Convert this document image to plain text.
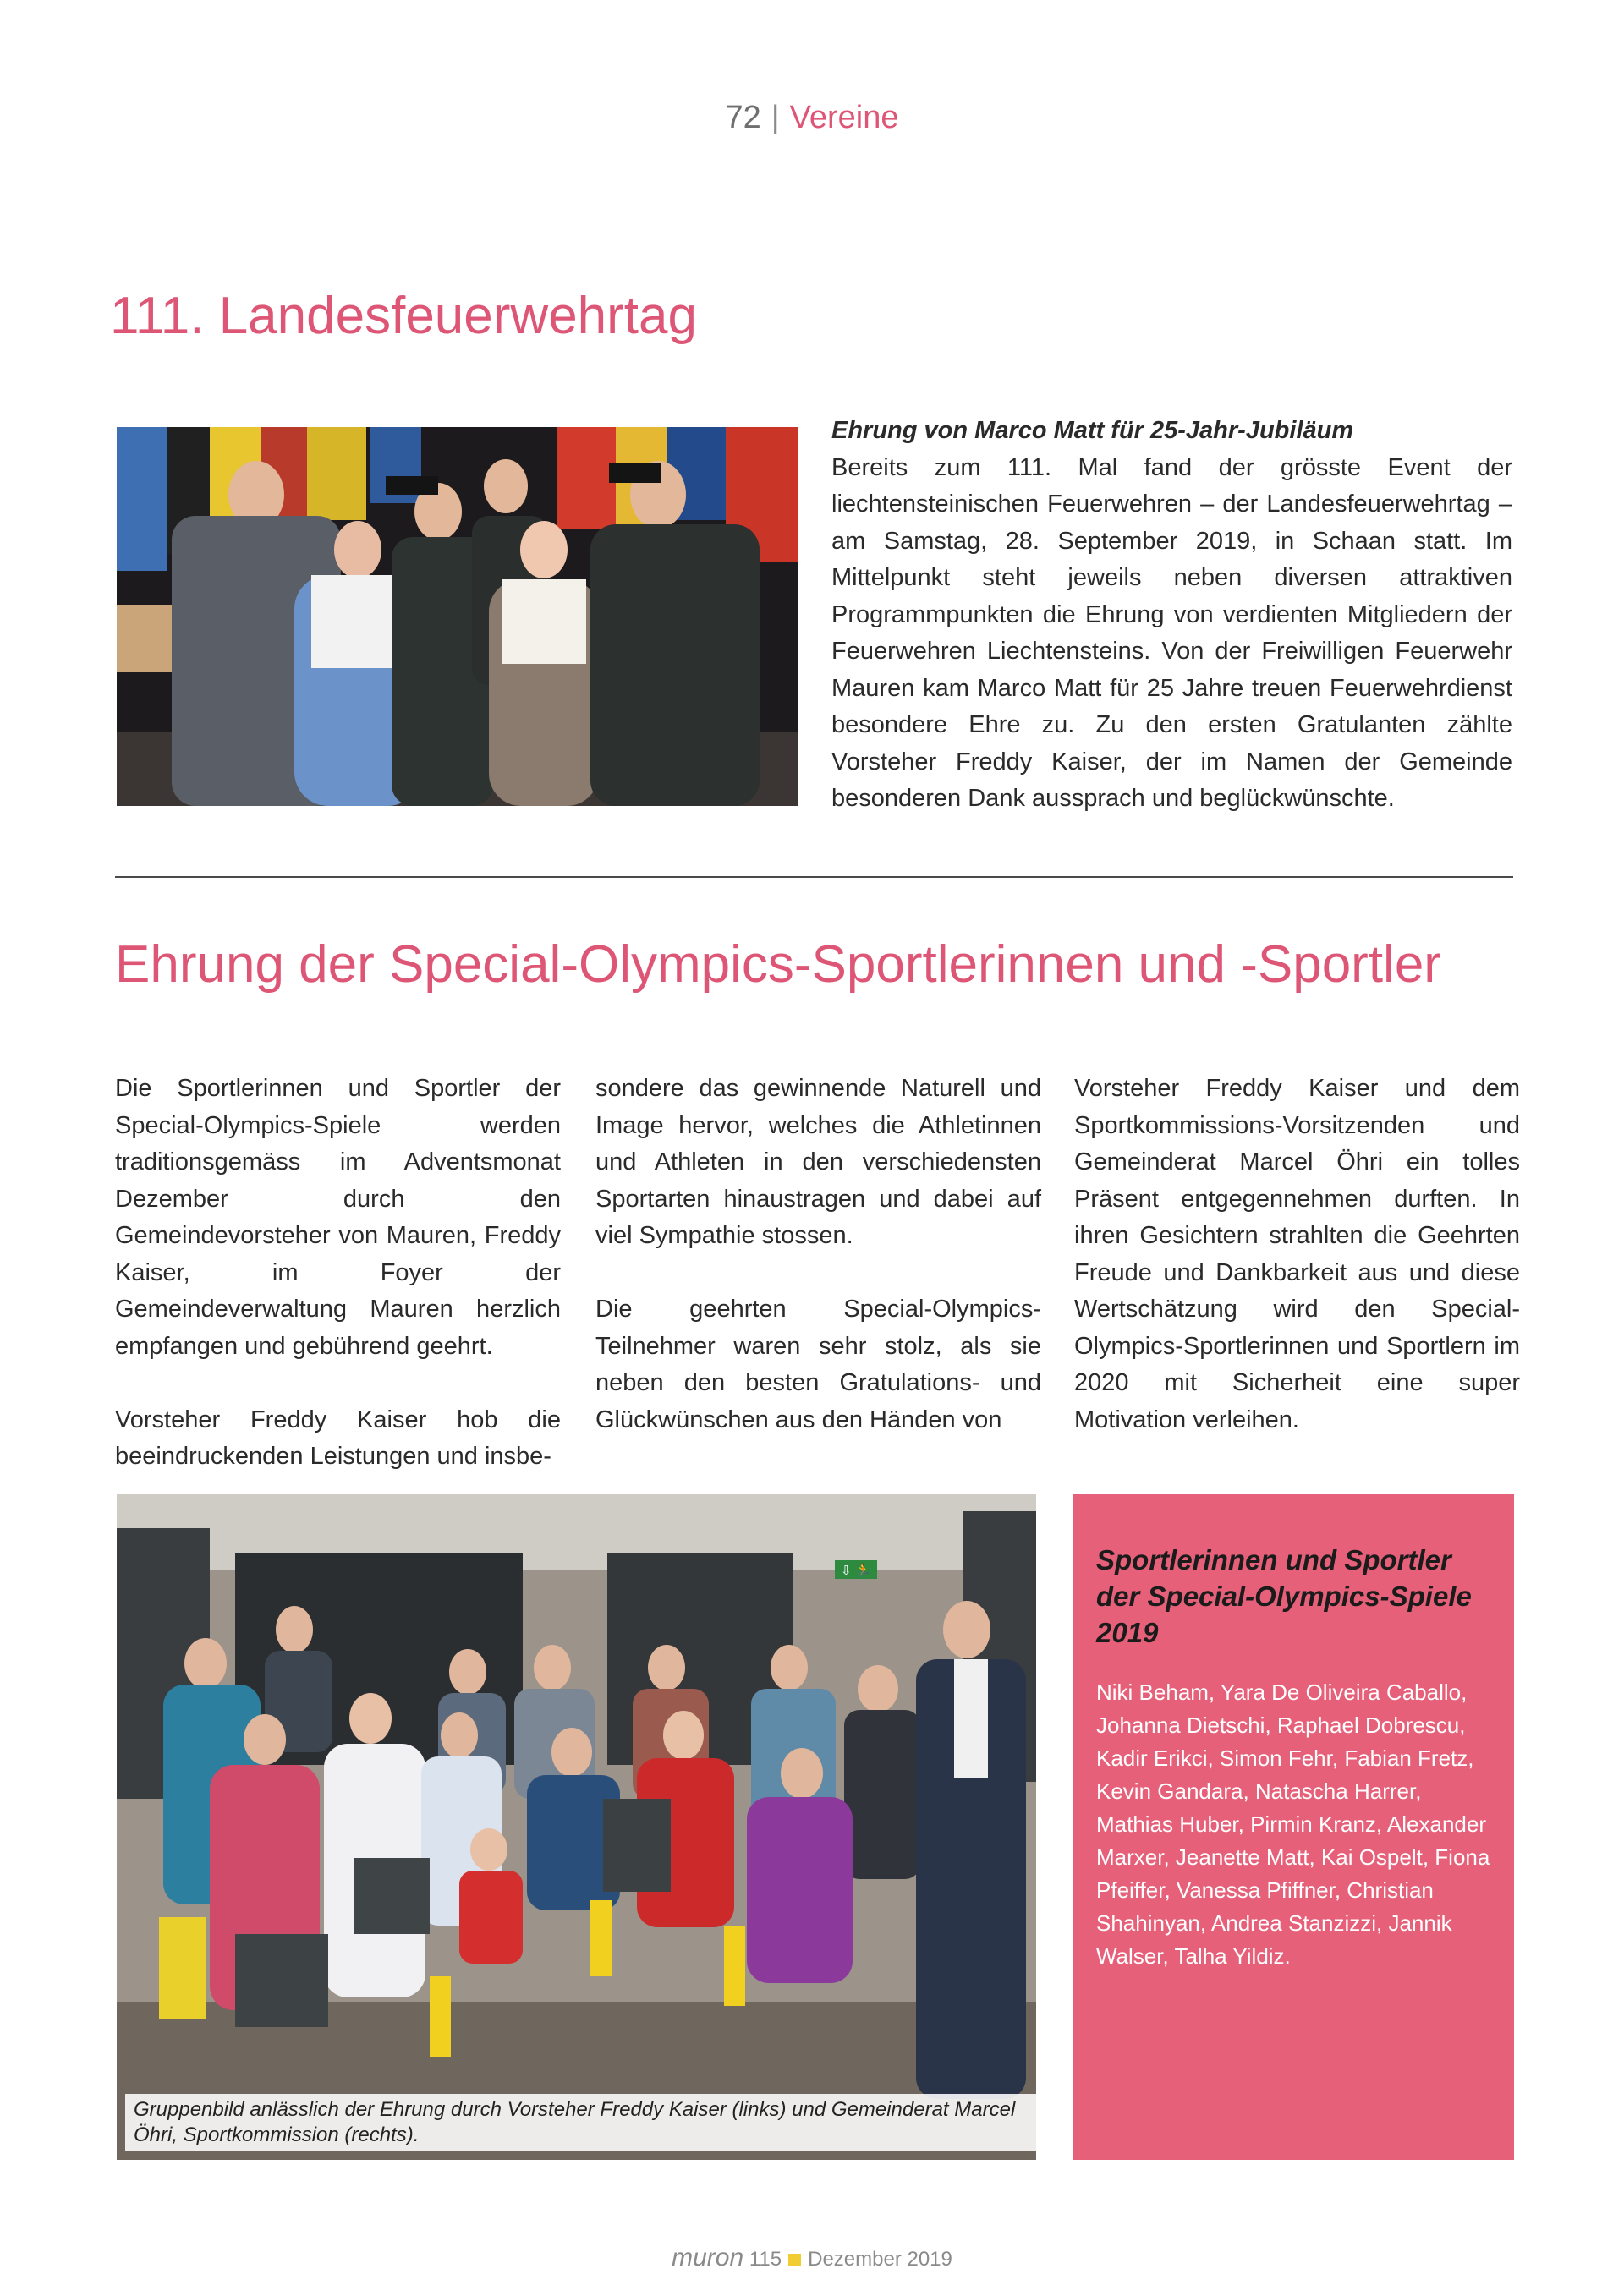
72 | Vereine
111. Landesfeuerwehrtag
Ehrung von Marco Matt für 25-Jahr-Jubiläum
Bereits zum 111. Mal fand der grösste Event der liechtensteinischen Feuerwehren – der Landesfeuerwehrtag – am Samstag, 28. September 2019, in Schaan statt. Im Mittelpunkt steht jeweils neben diversen attraktiven Programmpunkten die Ehrung von verdienten Mitgliedern der Feuerwehren Liechtensteins. Von der Freiwilligen Feuerwehr Mauren kam Marco Matt für 25 Jahre treuen Feuerwehrdienst besondere Ehre zu. Zu den ersten Gratulanten zählte Vorsteher Freddy Kaiser, der im Namen der Gemeinde besonderen Dank aussprach und beglückwünschte.
Ehrung der Special-Olympics-Sportlerinnen und -Sportler

Die Sportlerinnen und Sportler der Special-Olympics-Spiele werden traditionsgemäss im Adventsmonat Dezember durch den Gemeindevorsteher von Mauren, Freddy Kaiser, im Foyer der Gemeindeverwaltung Mauren herzlich empfangen und gebührend geehrt.

Vorsteher Freddy Kaiser hob die beeindruckenden Leistungen und insbe-

sondere das gewinnende Naturell und Image hervor, welches die Athletinnen und Athleten in den verschiedensten Sportarten hinaustragen und dabei auf viel Sympathie stossen.

Die geehrten Special-Olympics-Teilnehmer waren sehr stolz, als sie neben den besten Gratulations- und Glückwünschen aus den Händen von

Vorsteher Freddy Kaiser und dem Sportkommissions-Vorsitzenden und Gemeinderat Marcel Öhri ein tolles Präsent entgegennehmen durften. In ihren Gesichtern strahlten die Geehrten Freude und Dankbarkeit aus und diese Wertschätzung wird den Special-Olympics-Sportlerinnen und Sportlern im 2020 mit Sicherheit eine super Motivation verleihen.

⇩ 🏃
Gruppenbild anlässlich der Ehrung durch Vorsteher Freddy Kaiser (links) und Gemeinderat Marcel Öhri, Sportkommission (rechts).
Sportlerinnen und Sportler der Special-Olympics-Spiele 2019
Niki Beham, Yara De Oliveira Caballo, Johanna Dietschi, Raphael Dobrescu, Kadir Erikci, Simon Fehr, Fabian Fretz, Kevin Gandara, Natascha Harrer, Mathias Huber, Pirmin Kranz, Alexander Marxer, Jeanette Matt, Kai Ospelt, Fiona Pfeiffer, Vanessa Pfiffner, Christian Shahinyan, Andrea Stanzizzi, Jannik Walser, Talha Yildiz.
muron 115 Dezember 2019
